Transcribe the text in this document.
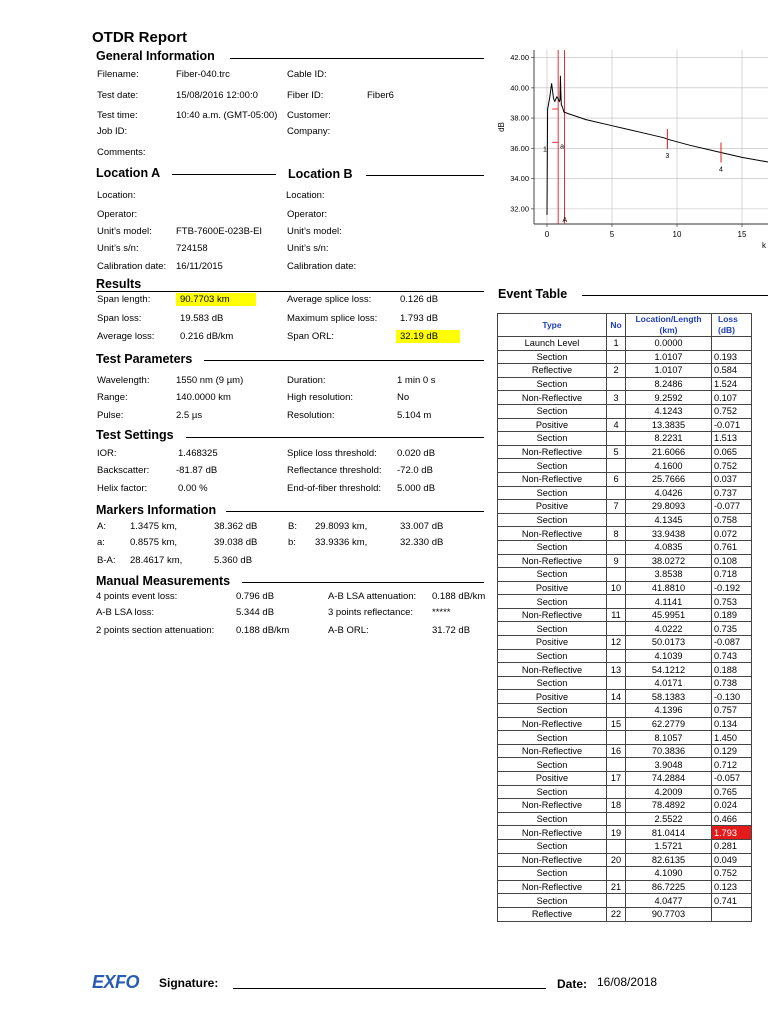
OTDR Report
General Information
Filename:	Fiber-040.trc
Test date:	15/08/2016 12:00:0
Test time:	10:40 a.m. (GMT-05:00)
Job ID:
Comments:
Cable ID:
Fiber ID:	Fiber6
Customer:
Company:
Location A	Location B
Location:
Operator:
Unit’s model:	FTB-7600E-023B-EI
Unit’s s/n:	724158
Calibration date: 16/11/2015
Location:
Operator:
Unit’s model:
Unit’s s/n:
Calibration date:
Results
Span length:	90.7703 km
Span loss:	19.583 dB
Average loss:	0.216 dB/km
Average splice loss:	0.126 dB
Maximum splice loss: 1.793 dB
Span ORL:	32.19 dB
Test Parameters
Wavelength:	1550 nm (9 µm)
Range:	140.0000 km
Pulse:	2.5 µs
Duration:	1 min 0 s
High resolution:	No
Resolution:	5.104 m
Test Settings
IOR:	1.468325
Backscatter:	-81.87 dB
Helix factor:	0.00 %
Splice loss threshold: 0.020 dB
Reflectance threshold: -72.0 dB
End-of-fiber threshold: 5.000 dB
Markers Information
A:	1.3475 km,	38.362 dB
a:	0.8575 km,	39.038 dB
B-A: 28.4617 km,	5.360 dB
B: 29.8093 km,	33.007 dB
b: 33.9336 km,	32.330 dB
Manual Measurements
4 points event loss:	0.796 dB
A-B LSA loss:	5.344 dB
2 points section attenuation: 0.188 dB/km
A-B LSA attenuation: 0.188 dB/km
3 points reflectance: *****
A-B ORL:	31.72 dB
32.00
34.00
36.00
38.00
40.00
42.00
0	5	10	15
dB
k
A
a
1
3
4
Event Table
Type	No	Location/Length
(km)	Loss
(dB)
Launch Level	1	0.0000	
Section		1.0107	0.193
Reflective	2	1.0107	0.584
Section		8.2486	1.524
Non-Reflective	3	9.2592	0.107
Section		4.1243	0.752
Positive	4	13.3835	-0.071
Section		8.2231	1.513
Non-Reflective	5	21.6066	0.065
Section		4.1600	0.752
Non-Reflective	6	25.7666	0.037
Section		4.0426	0.737
Positive	7	29.8093	-0.077
Section		4.1345	0.758
Non-Reflective	8	33.9438	0.072
Section		4.0835	0.761
Non-Reflective	9	38.0272	0.108
Section		3.8538	0.718
Positive	10	41.8810	-0.192
Section		4.1141	0.753
Non-Reflective	11	45.9951	0.189
Section		4.0222	0.735
Positive	12	50.0173	-0.087
Section		4.1039	0.743
Non-Reflective	13	54.1212	0.188
Section		4.0171	0.738
Positive	14	58.1383	-0.130
Section		4.1396	0.757
Non-Reflective	15	62.2779	0.134
Section		8.1057	1.450
Non-Reflective	16	70.3836	0.129
Section		3.9048	0.712
Positive	17	74.2884	-0.057
Section		4.2009	0.765
Non-Reflective	18	78.4892	0.024
Section		2.5522	0.466
Non-Reflective	19	81.0414	1.793
Section		1.5721	0.281
Non-Reflective	20	82.6135	0.049
Section		4.1090	0.752
Non-Reflective	21	86.7225	0.123
Section		4.0477	0.741
Reflective	22	90.7703	
EXFO Signature:	Date: 16/08/2018
